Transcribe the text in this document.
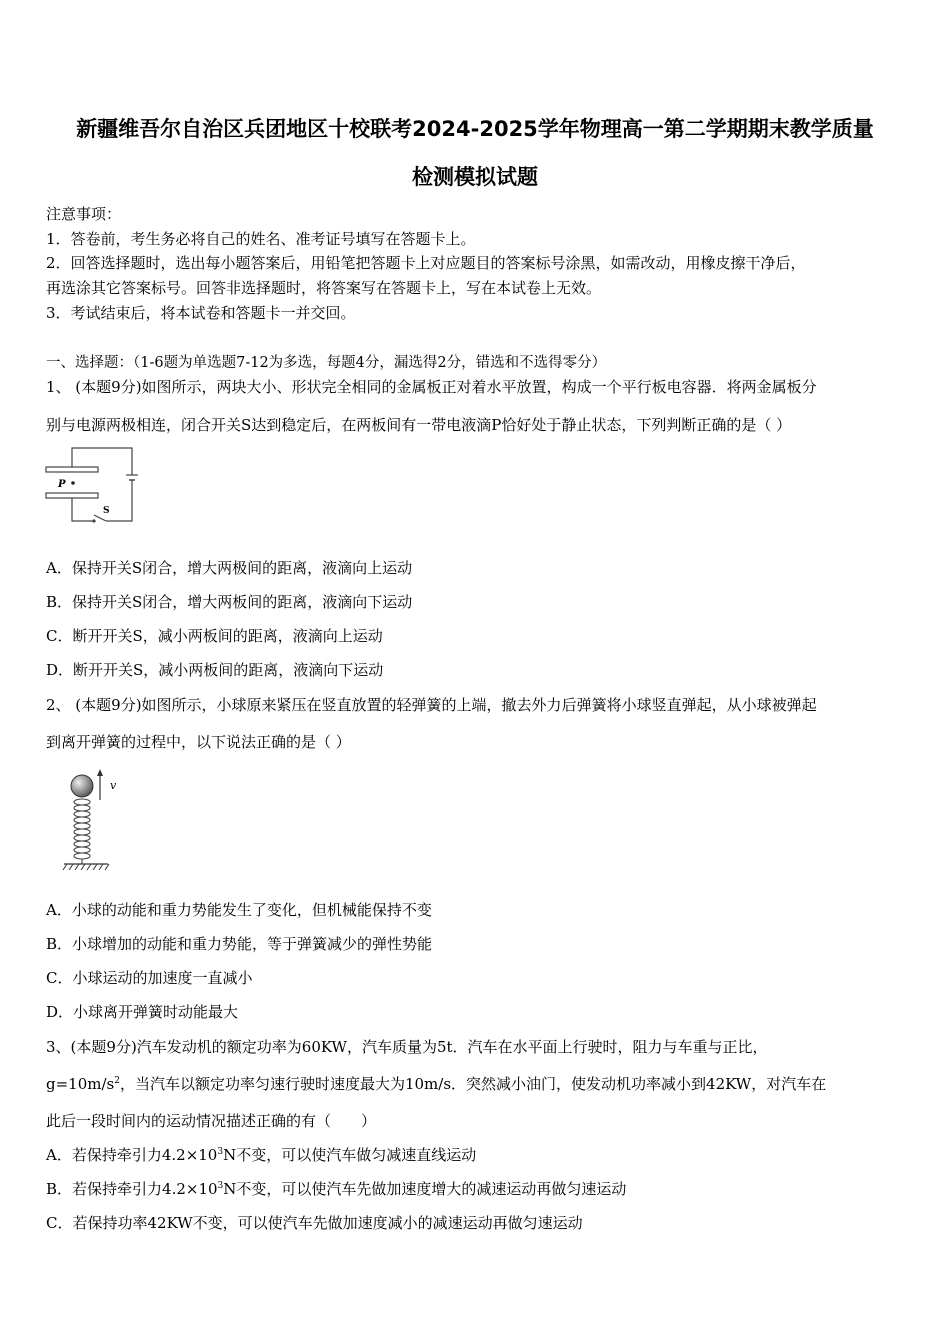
新疆维吾尔自治区兵团地区十校联考2024-2025学年物理高一第二学期期末教学质量
检测模拟试题
注意事项：
1．答卷前，考生务必将自己的姓名、准考证号填写在答题卡上。
2．回答选择题时，选出每小题答案后，用铅笔把答题卡上对应题目的答案标号涂黑，如需改动，用橡皮擦干净后，
再选涂其它答案标号。回答非选择题时，将答案写在答题卡上，写在本试卷上无效。
3．考试结束后，将本试卷和答题卡一并交回。
一、选择题：（1-6题为单选题7-12为多选，每题4分，漏选得2分，错选和不选得零分）
1、 (本题9分)如图所示，两块大小、形状完全相同的金属板正对着水平放置，构成一个平行板电容器．将两金属板分
别与电源两极相连，闭合开关S达到稳定后，在两板间有一带电液滴P恰好处于静止状态，下列判断正确的是（ ）
P
S
A．保持开关S闭合，增大两极间的距离，液滴向上运动
B．保持开关S闭合，增大两板间的距离，液滴向下运动
C．断开开关S，减小两板间的距离，液滴向上运动
D．断开开关S，减小两板间的距离，液滴向下运动
2、 (本题9分)如图所示，小球原来紧压在竖直放置的轻弹簧的上端，撤去外力后弹簧将小球竖直弹起，从小球被弹起
到离开弹簧的过程中，以下说法正确的是（ ）
v
A．小球的动能和重力势能发生了变化，但机械能保持不变
B．小球增加的动能和重力势能，等于弹簧减少的弹性势能
C．小球运动的加速度一直减小
D．小球离开弹簧时动能最大
3、(本题9分)汽车发动机的额定功率为60KW，汽车质量为5t．汽车在水平面上行驶时，阻力与车重与正比，
$g=10m/s^2$，当汽车以额定功率匀速行驶时速度最大为10m/s．突然减小油门，使发动机功率减小到42KW，对汽车在
此后一段时间内的运动情况描述正确的有（　　）
A．若保持牵引力$4.2\times 10^3N$不变，可以使汽车做匀减速直线运动
B．若保持牵引力$4.2\times 10^3N$不变，可以使汽车先做加速度增大的减速运动再做匀速运动
C．若保持功率42KW不变，可以使汽车先做加速度减小的减速运动再做匀速运动
